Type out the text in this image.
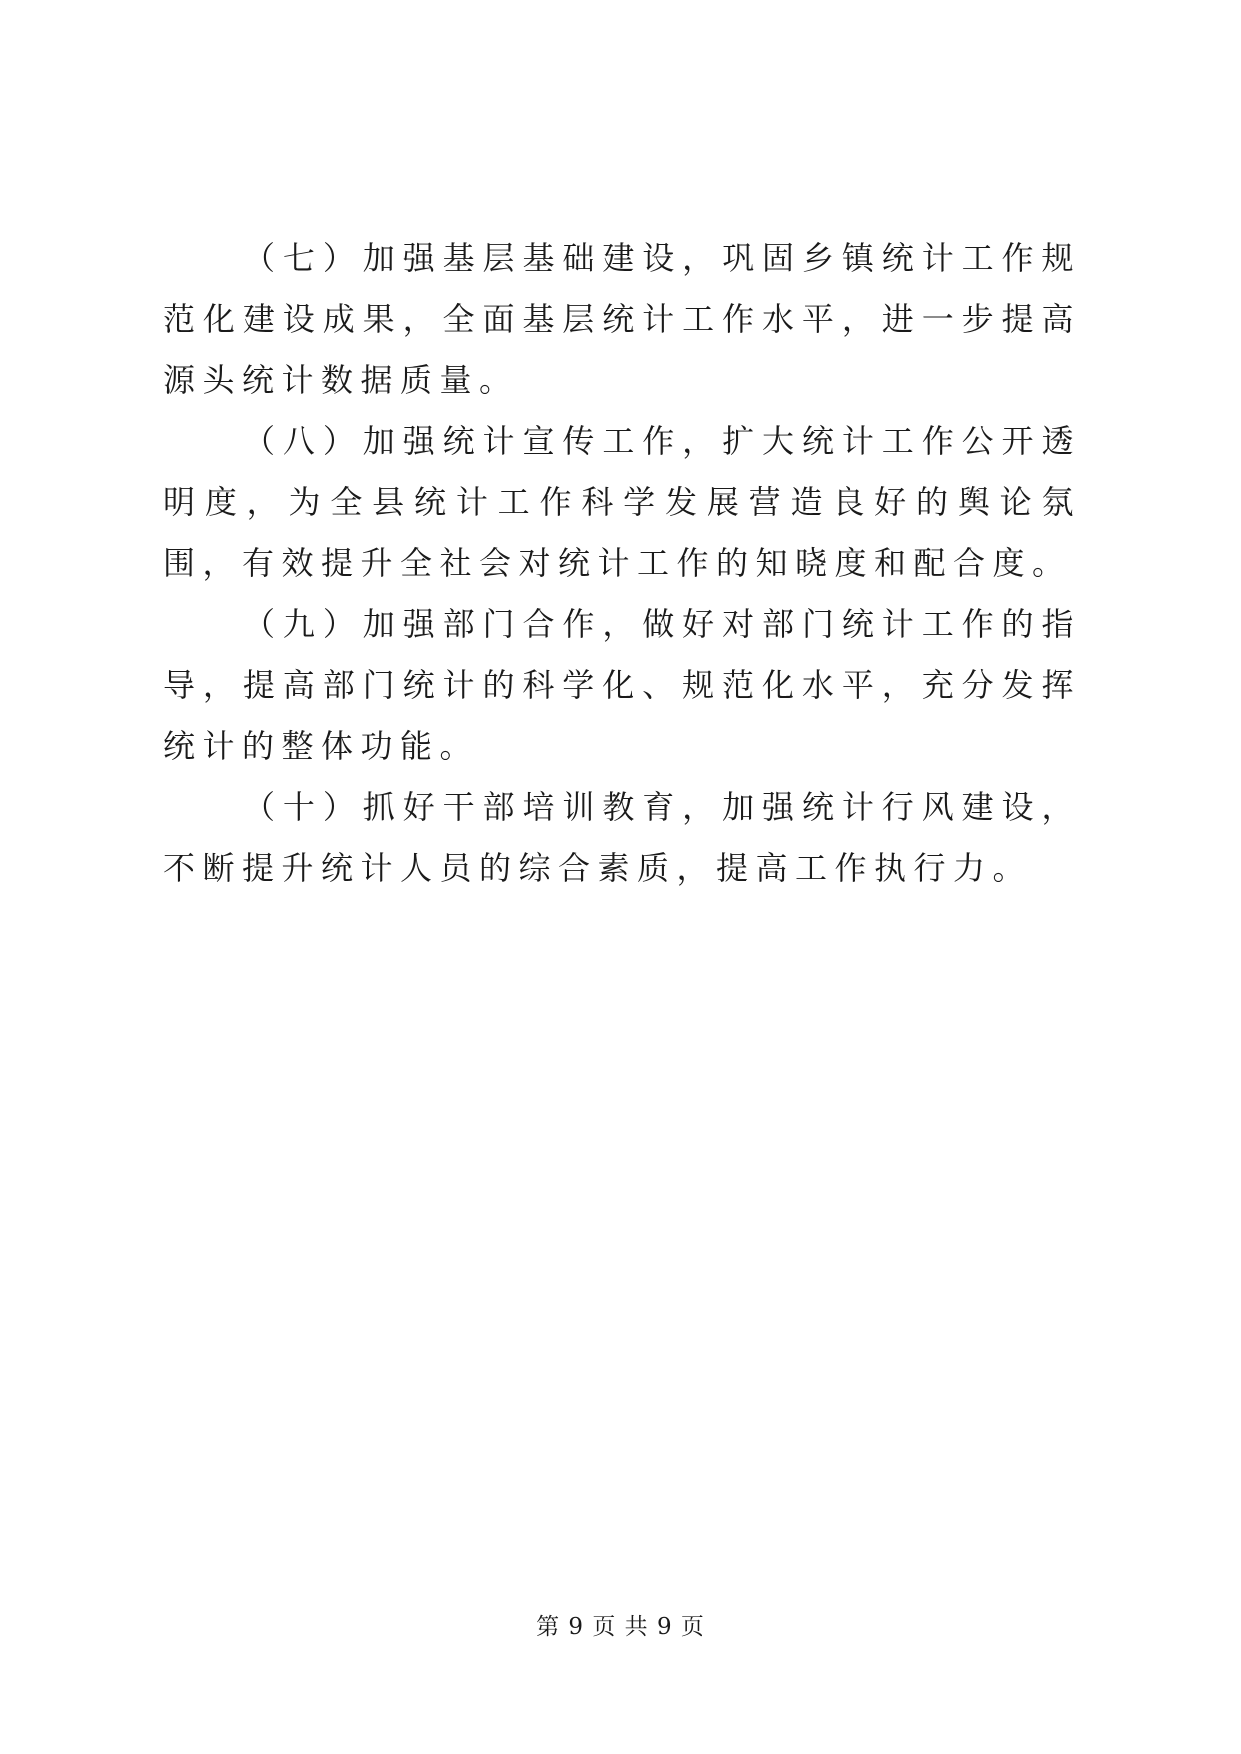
（七）加强基层基础建设，巩固乡镇统计工作规范化建设成果，全面基层统计工作水平，进一步提高源头统计数据质量。

（八）加强统计宣传工作，扩大统计工作公开透明度，为全县统计工作科学发展营造良好的舆论氛围，有效提升全社会对统计工作的知晓度和配合度。

（九）加强部门合作，做好对部门统计工作的指导，提高部门统计的科学化、规范化水平，充分发挥统计的整体功能。

（十）抓好干部培训教育，加强统计行风建设，不断提升统计人员的综合素质，提高工作执行力。

第 9 页 共 9 页
